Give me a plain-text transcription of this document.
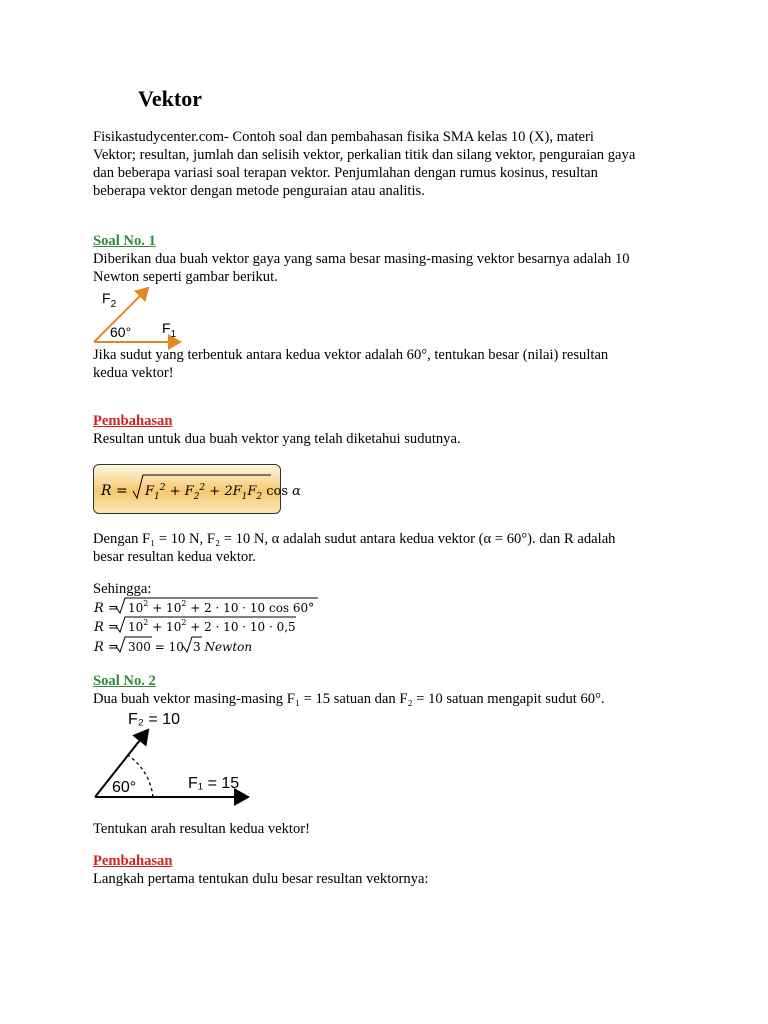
Vektor
Fisikastudycenter.com- Contoh soal dan pembahasan fisika SMA kelas 10 (X), materi
Vektor; resultan, jumlah dan selisih vektor, perkalian titik dan silang vektor, penguraian gaya
dan beberapa variasi soal terapan vektor. Penjumlahan dengan rumus kosinus, resultan
beberapa vektor dengan metode penguraian atau analitis.
Soal No. 1
Diberikan dua buah vektor gaya yang sama besar masing-masing vektor besarnya adalah 10
Newton seperti gambar berikut.
$F_2$
$F_1$
60°
Jika sudut yang terbentuk antara kedua vektor adalah 60°, tentukan besar (nilai) resultan
kedua vektor!
Pembahasan
Resultan untuk dua buah vektor yang telah diketahui sudutnya.
$R = F_1^2 + F_2^2 + 2F_1F_2$ cos α
Dengan F₁ = 10 N, F₂ = 10 N, α adalah sudut antara kedua vektor (α = 60°). dan R adalah
besar resultan kedua vektor.
Sehingga:
$R = 10^2 + 10^2 + 2 \cdot 10 \cdot 10$ cos 60°
$R = 10^2 + 10^2 + 2 \cdot 10 \cdot 10 \cdot 0,5$
R = 300 = 10 3 Newton
Soal No. 2
Dua buah vektor masing-masing F₁ = 15 satuan dan F₂ = 10 satuan mengapit sudut 60°.
60°
F₂ = 10
F₁ = 15
Tentukan arah resultan kedua vektor!
Pembahasan
Langkah pertama tentukan dulu besar resultan vektornya:
